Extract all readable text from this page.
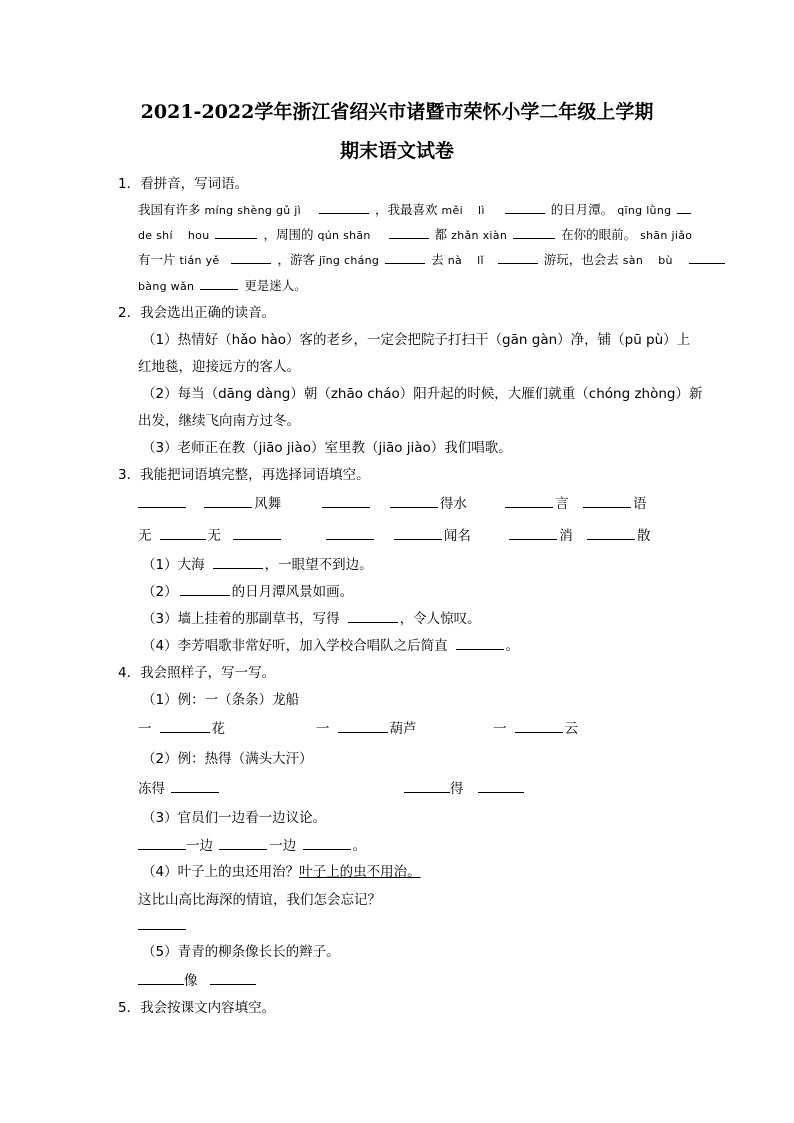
2021-2022学年浙江省绍兴市诸暨市荣怀小学二年级上学期
期末语文试卷
1．看拼音，写词语。
我国有许多 míng shèng gǔ jì	，我最喜欢 měi　 lì	的日月潭。 qīng lǜng
de shí　 hou	，周围的 qún shān	都 zhǎn xiàn	在你的眼前。 shān jiǎo
有一片 tián yě	，游客 jīng cháng	去 nà　 lǐ	游玩，也会去 sàn　 bù
bàng wǎn	更是迷人。
2．我会选出正确的读音。
（1）热情好（hǎo hào）客的老乡，一定会把院子打扫干（gān gàn）净，铺（pū pù）上
红地毯，迎接远方的客人。
（2）每当（dāng dàng）朝（zhāo cháo）阳升起的时候，大雁们就重（chóng zhòng）新
出发，继续飞向南方过冬。
（3）老师正在教（jiāo jiào）室里教（jiāo jiào）我们唱歌。
3．我能把词语填完整，再选择词语填空。
风舞	得水	言	语
无	无	闻名	消	散
（1）大海	，一眼望不到边。
（2）	的日月潭风景如画。
（3）墙上挂着的那副草书，写得	，令人惊叹。
（4）李芳唱歌非常好听，加入学校合唱队之后简直	。
4．我会照样子，写一写。
（1）例：一（条条）龙船
一	花	一	葫芦	一	云
（2）例：热得（满头大汗）
冻得	得
（3）官员们一边看一边议论。
一边	一边	。
（4）叶子上的虫还用治？叶子上的虫不用治。
这比山高比海深的情谊，我们怎会忘记？
（5）青青的柳条像长长的辫子。
像
5．我会按课文内容填空。
